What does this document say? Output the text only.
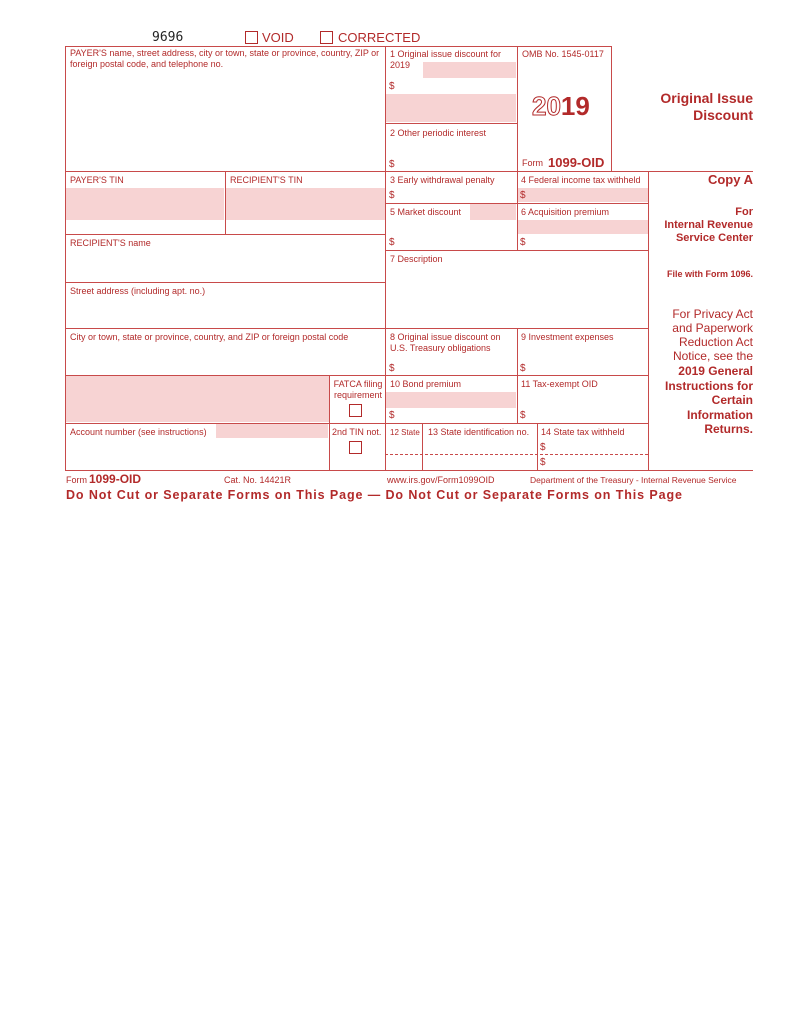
9696	VOID	CORRECTED
PAYER'S name, street address, city or town, state or province, country, ZIP or foreign postal code, and telephone no.
PAYER'S TIN	RECIPIENT'S TIN
RECIPIENT'S name
Street address (including apt. no.)
City or town, state or province, country, and ZIP or foreign postal code
FATCA filing requirement
Account number (see instructions)	2nd TIN not.
1 Original issue discount for 2019
$
OMB No. 1545-0117
2019
Form 1099-OID
2 Other periodic interest
$
3 Early withdrawal penalty
$
4 Federal income tax withheld
$
5 Market discount
$
6 Acquisition premium
$
7 Description
8 Original issue discount on U.S. Treasury obligations
$
9 Investment expenses
$
10 Bond premium
$
11 Tax-exempt OID
$
12 State 13 State identification no. 14 State tax withheld
$
$
Original Issue
Discount
Copy A
For
Internal Revenue
Service Center
File with Form 1096.
For Privacy Act
and Paperwork
Reduction Act
Notice, see the
2019 General
Instructions for
Certain
Information
Returns.
Form 1099-OID	Cat. No. 14421R	www.irs.gov/Form1099OID	Department of the Treasury - Internal Revenue Service
Do Not Cut or Separate Forms on This Page — Do Not Cut or Separate Forms on This Page
